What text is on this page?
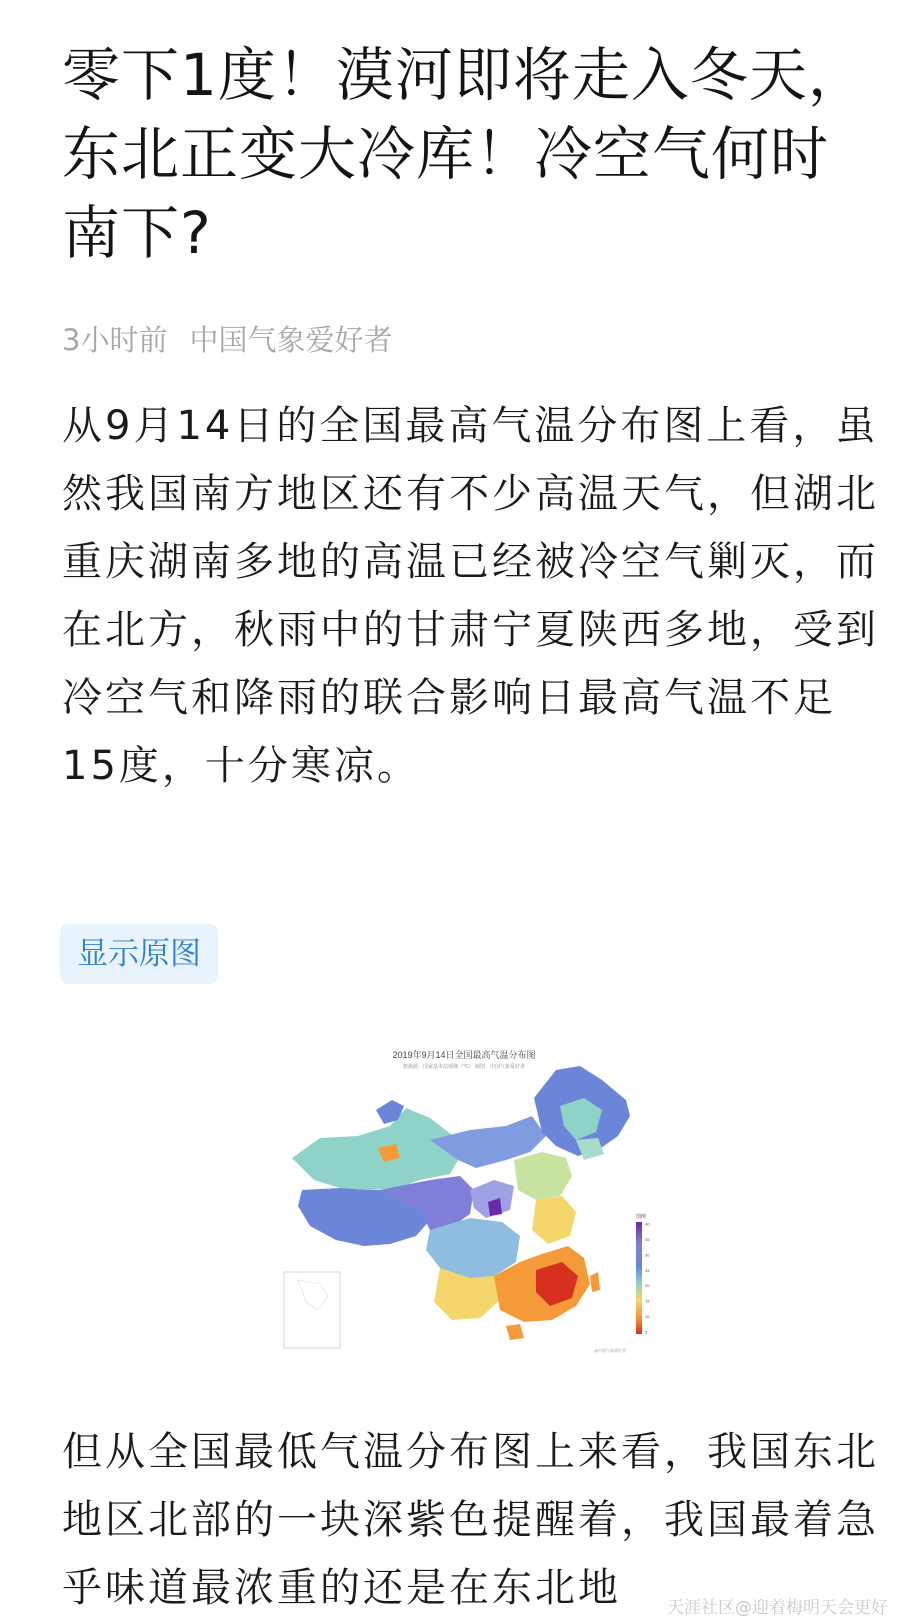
零下1度！漠河即将走入冬天，东北正变大冷库！冷空气何时南下?
3小时前 中国气象爱好者

从9月14日的全国最高气温分布图上看，虽然我国南方地区还有不少高温天气，但湖北重庆湖南多地的高温已经被冷空气剿灭，而在北方，秋雨中的甘肃宁夏陕西多地，受到冷空气和降雨的联合影响日最高气温不足15度，十分寒凉。

显示原图
2019年9月14日全国最高气温分布图
数据源：国家基本站观测（°C） 制图：中国气象爱好者
图例
40
35
30
25
20
15
10
5
@中国气象爱好者

但从全国最低气温分布图上来看，我国东北地区北部的一块深紫色提醒着，我国最着急乎味道最浓重的还是在东北地	天涯社区@迎着梅明天会更好
